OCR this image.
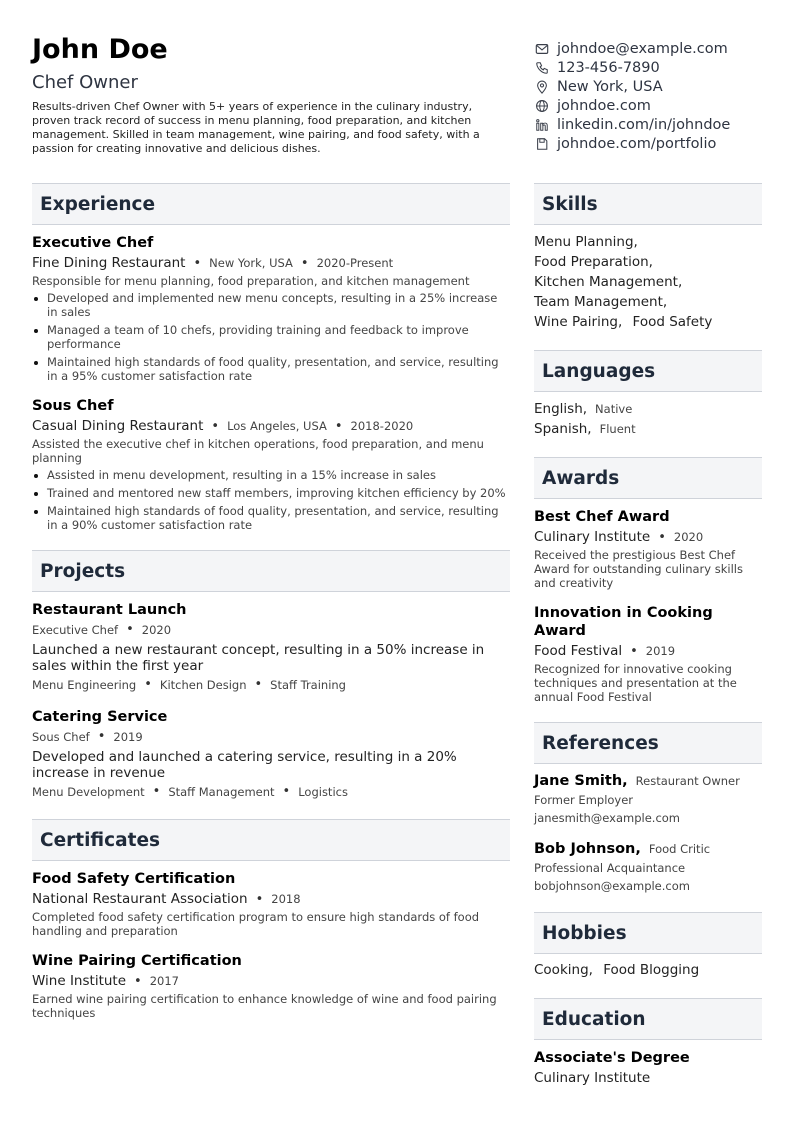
John Doe
Chef Owner
Results-driven Chef Owner with 5+ years of experience in the culinary industry, proven track record of success in menu planning, food preparation, and kitchen management. Skilled in team management, wine pairing, and food safety, with a passion for creating innovative and delicious dishes.
johndoe@example.com
123-456-7890
New York, USA
johndoe.com
linkedin.com/in/johndoe
johndoe.com/portfolio
Experience
Executive Chef
Fine Dining Restaurant • New York, USA • 2020-Present
Responsible for menu planning, food preparation, and kitchen management
Developed and implemented new menu concepts, resulting in a 25% increase in sales
Managed a team of 10 chefs, providing training and feedback to improve performance
Maintained high standards of food quality, presentation, and service, resulting in a 95% customer satisfaction rate
Sous Chef
Casual Dining Restaurant • Los Angeles, USA • 2018-2020
Assisted the executive chef in kitchen operations, food preparation, and menu planning
Assisted in menu development, resulting in a 15% increase in sales
Trained and mentored new staff members, improving kitchen efficiency by 20%
Maintained high standards of food quality, presentation, and service, resulting in a 90% customer satisfaction rate
Projects
Restaurant Launch
Executive Chef • 2020
Launched a new restaurant concept, resulting in a 50% increase in sales within the first year
Menu Engineering • Kitchen Design • Staff Training
Catering Service
Sous Chef • 2019
Developed and launched a catering service, resulting in a 20% increase in revenue
Menu Development • Staff Management • Logistics
Certificates
Food Safety Certification
National Restaurant Association • 2018
Completed food safety certification program to ensure high standards of food handling and preparation
Wine Pairing Certification
Wine Institute • 2017
Earned wine pairing certification to enhance knowledge of wine and food pairing techniques
Skills
Menu Planning,
Food Preparation,
Kitchen Management,
Team Management,
Wine Pairing, Food Safety
Languages
English, Native
Spanish, Fluent
Awards
Best Chef Award
Culinary Institute • 2020
Received the prestigious Best Chef Award for outstanding culinary skills and creativity
Innovation in Cooking Award
Food Festival • 2019
Recognized for innovative cooking techniques and presentation at the annual Food Festival
References
Jane Smith, Restaurant Owner
Former Employer
janesmith@example.com
Bob Johnson, Food Critic
Professional Acquaintance
bobjohnson@example.com
Hobbies
Cooking, Food Blogging
Education
Associate's Degree
Culinary Institute
